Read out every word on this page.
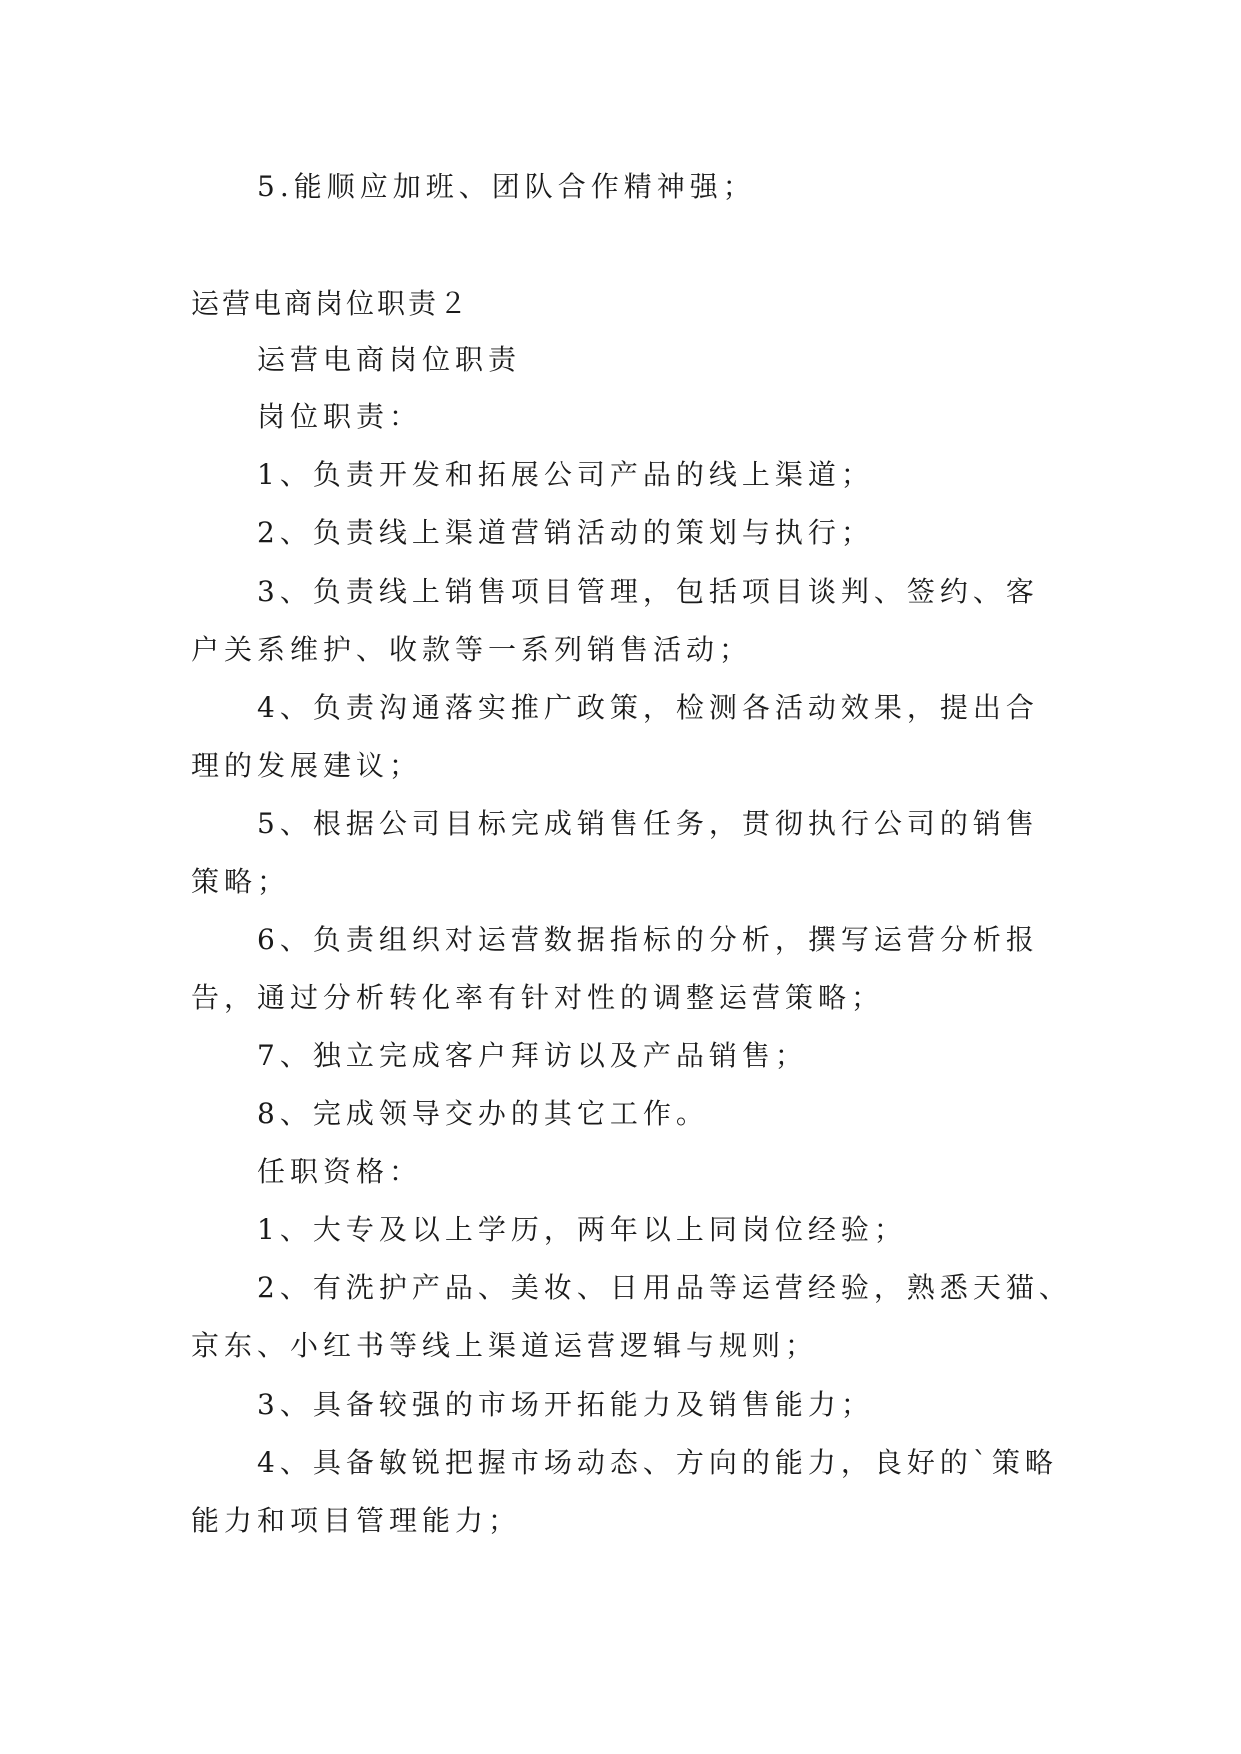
5.能顺应加班、团队合作精神强；
运营电商岗位职责２
运营电商岗位职责
岗位职责：
1、负责开发和拓展公司产品的线上渠道；
2、负责线上渠道营销活动的策划与执行；
3、负责线上销售项目管理，包括项目谈判、签约、客
户关系维护、收款等一系列销售活动；
4、负责沟通落实推广政策，检测各活动效果，提出合
理的发展建议；
5、根据公司目标完成销售任务，贯彻执行公司的销售
策略；
6、负责组织对运营数据指标的分析，撰写运营分析报
告，通过分析转化率有针对性的调整运营策略；
7、独立完成客户拜访以及产品销售；
8、完成领导交办的其它工作。
任职资格：
1、大专及以上学历，两年以上同岗位经验；
2、有洗护产品、美妆、日用品等运营经验，熟悉天猫、
京东、小红书等线上渠道运营逻辑与规则；
3、具备较强的市场开拓能力及销售能力；
4、具备敏锐把握市场动态、方向的能力，良好的`策略
能力和项目管理能力；
